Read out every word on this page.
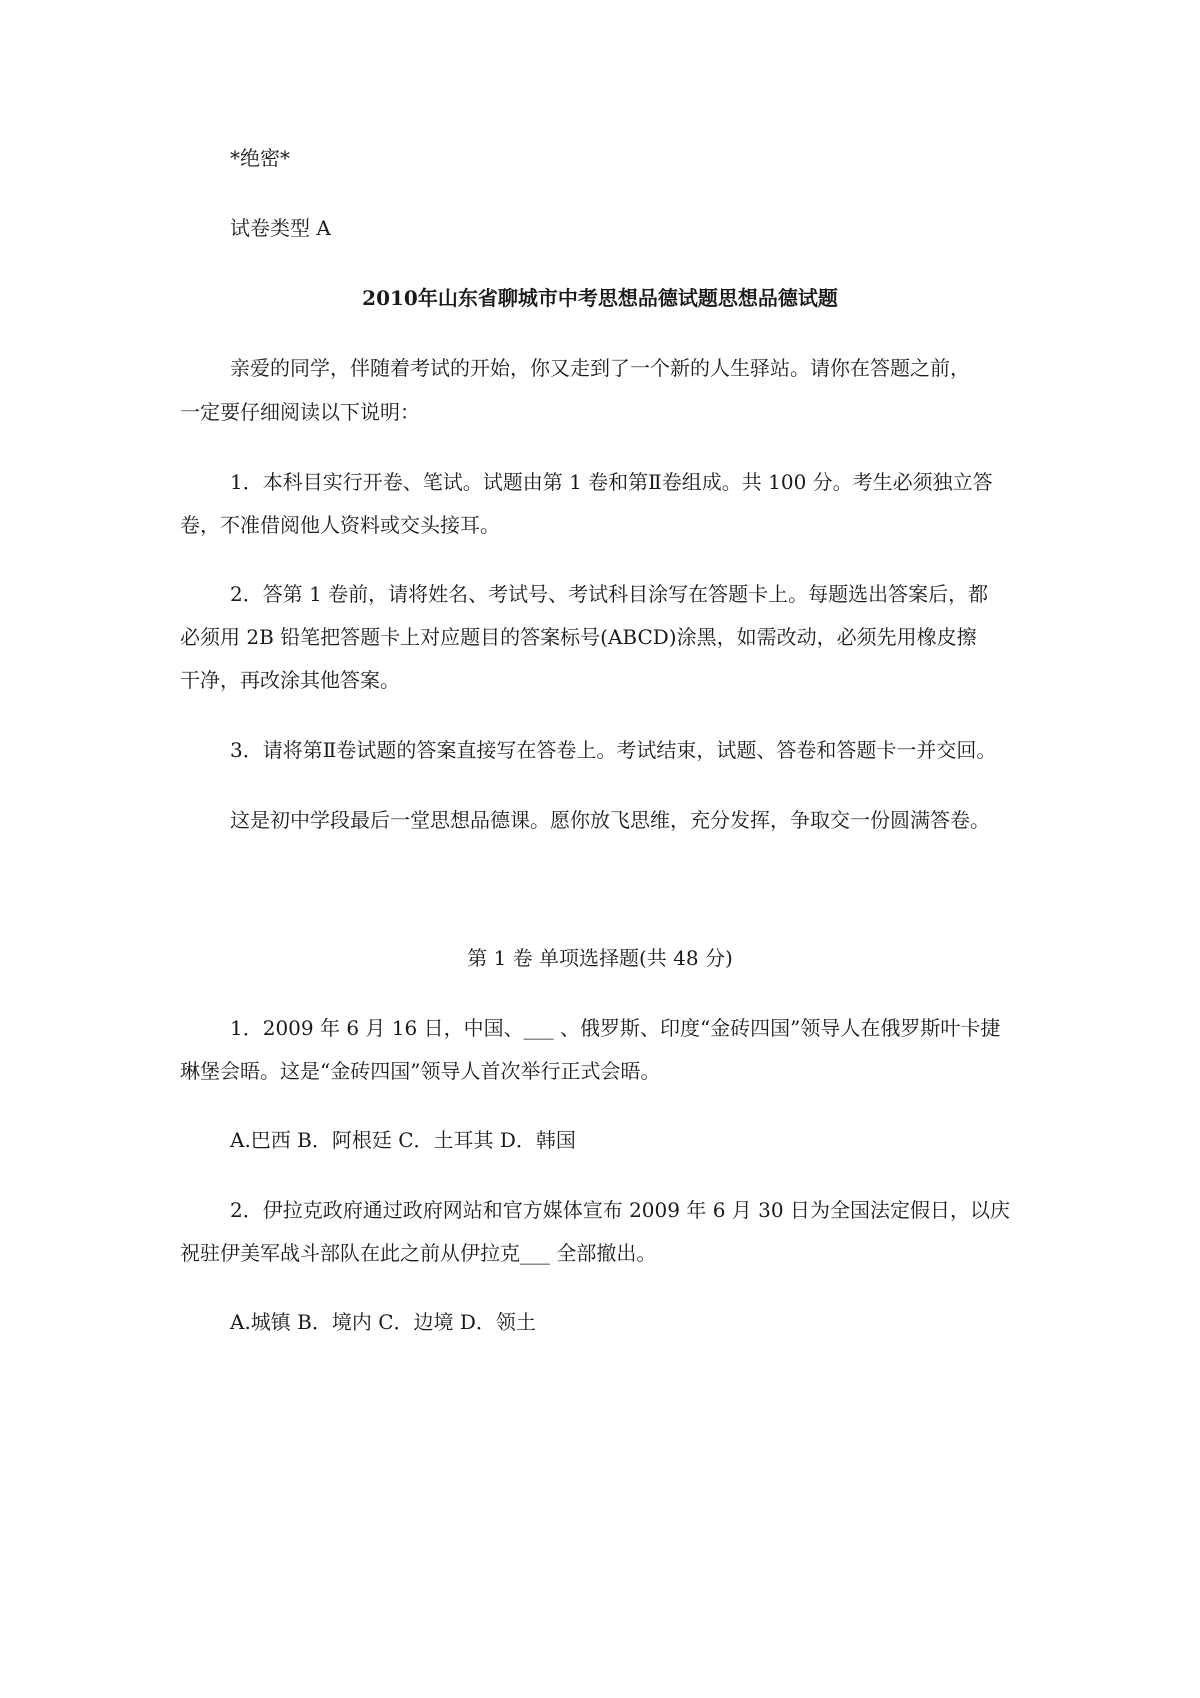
*绝密*
试卷类型 A
2010年山东省聊城市中考思想品德试题思想品德试题
亲爱的同学，伴随着考试的开始，你又走到了一个新的人生驿站。请你在答题之前，
一定要仔细阅读以下说明：
1．本科目实行开卷、笔试。试题由第 1 卷和第Ⅱ卷组成。共 100 分。考生必须独立答
卷，不准借阅他人资料或交头接耳。
2．答第 1 卷前，请将姓名、考试号、考试科目涂写在答题卡上。每题选出答案后，都
必须用 2B 铅笔把答题卡上对应题目的答案标号(ABCD)涂黑，如需改动，必须先用橡皮擦
干净，再改涂其他答案。
3．请将第Ⅱ卷试题的答案直接写在答卷上。考试结束，试题、答卷和答题卡一并交回。
这是初中学段最后一堂思想品德课。愿你放飞思维，充分发挥，争取交一份圆满答卷。
第 1 卷 单项选择题(共 48 分)
1．2009 年 6 月 16 日，中国、___ 、俄罗斯、印度“金砖四国”领导人在俄罗斯叶卡捷
琳堡会晤。这是“金砖四国”领导人首次举行正式会晤。
A.巴西 B．阿根廷 C．土耳其 D．韩国
2．伊拉克政府通过政府网站和官方媒体宣布 2009 年 6 月 30 日为全国法定假日，以庆
祝驻伊美军战斗部队在此之前从伊拉克___ 全部撤出。
A.城镇 B．境内 C．边境 D．领土
